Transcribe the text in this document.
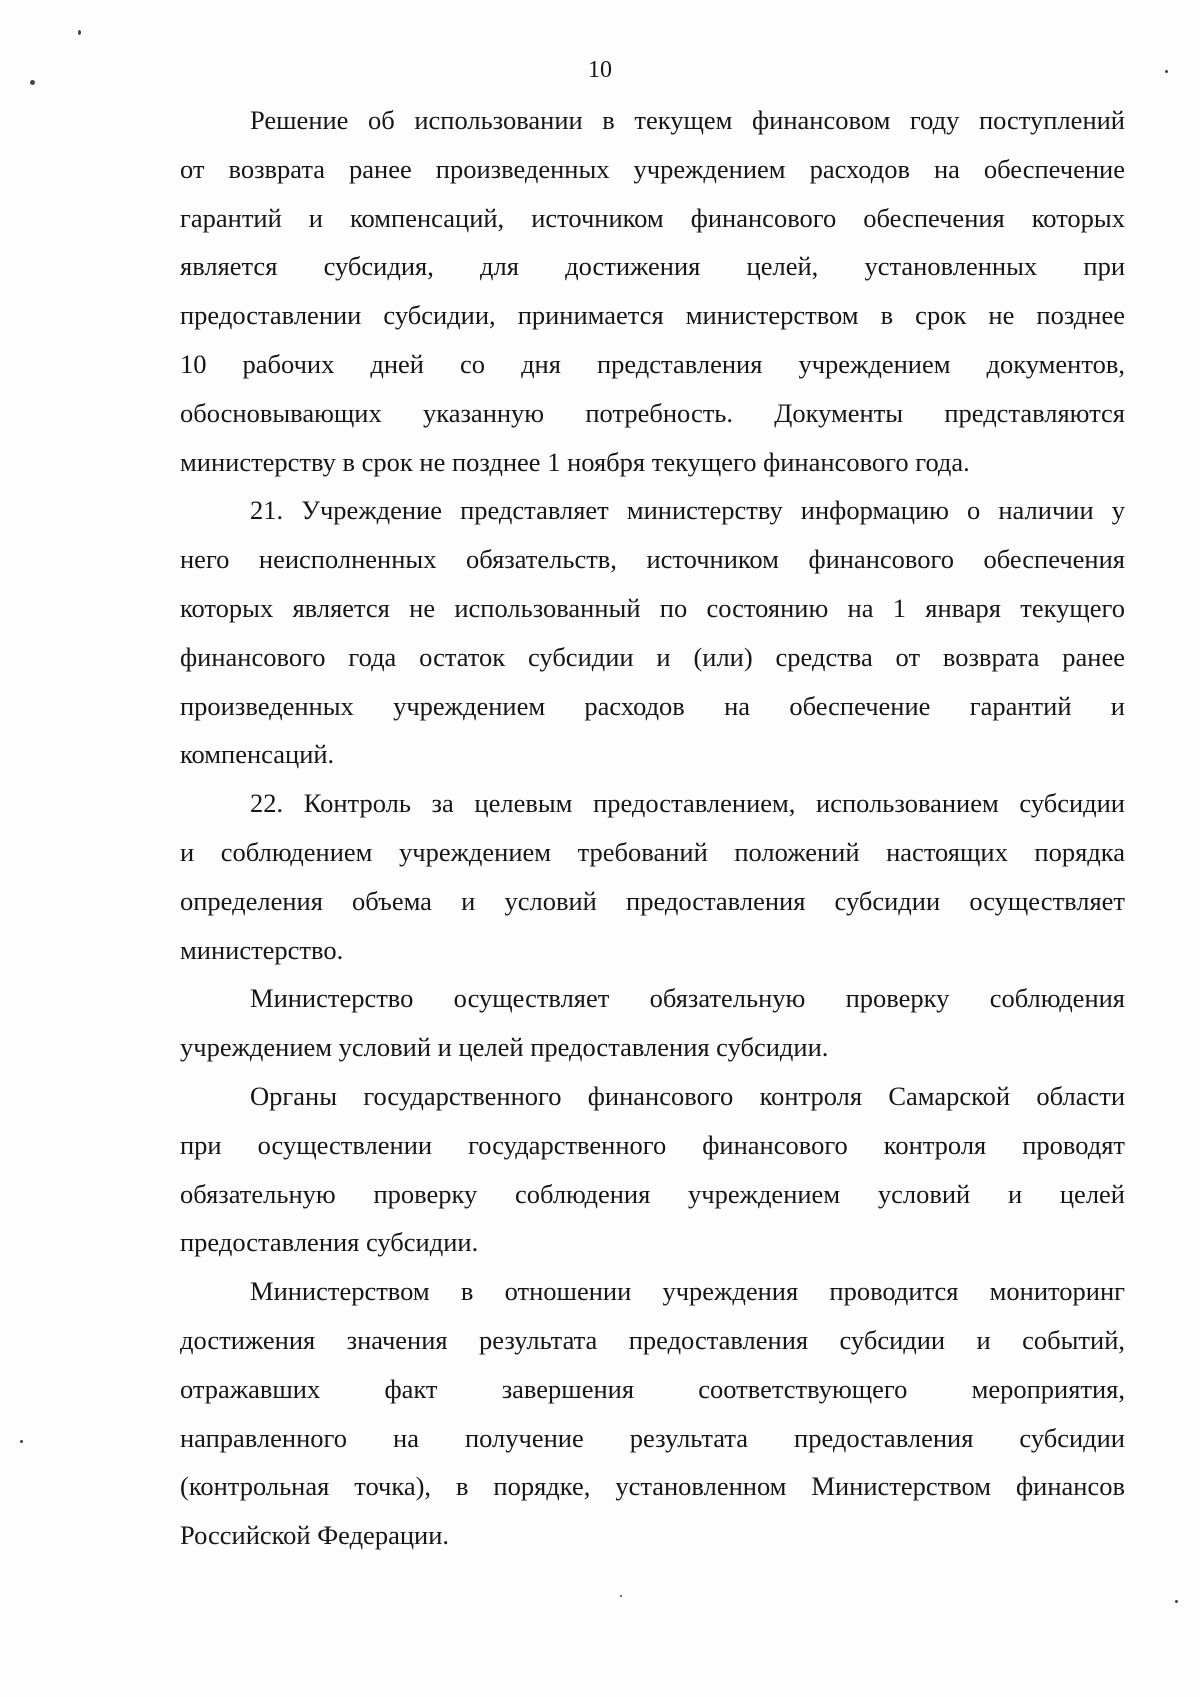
10
Решение об использовании в текущем финансовом году поступлений
от возврата ранее произведенных учреждением расходов на обеспечение
гарантий и компенсаций, источником финансового обеспечения которых
является субсидия, для достижения целей, установленных при
предоставлении субсидии, принимается министерством в срок не позднее
10 рабочих дней со дня представления учреждением документов,
обосновывающих указанную потребность. Документы представляются
министерству в срок не позднее 1 ноября текущего финансового года.
21. Учреждение представляет министерству информацию о наличии у
него неисполненных обязательств, источником финансового обеспечения
которых является не использованный по состоянию на 1 января текущего
финансового года остаток субсидии и (или) средства от возврата ранее
произведенных учреждением расходов на обеспечение гарантий и
компенсаций.
22. Контроль за целевым предоставлением, использованием субсидии
и соблюдением учреждением требований положений настоящих порядка
определения объема и условий предоставления субсидии осуществляет
министерство.
Министерство осуществляет обязательную проверку соблюдения
учреждением условий и целей предоставления субсидии.
Органы государственного финансового контроля Самарской области
при осуществлении государственного финансового контроля проводят
обязательную проверку соблюдения учреждением условий и целей
предоставления субсидии.
Министерством в отношении учреждения проводится мониторинг
достижения значения результата предоставления субсидии и событий,
отражавших факт завершения соответствующего мероприятия,
направленного на получение результата предоставления субсидии
(контрольная точка), в порядке, установленном Министерством финансов
Российской Федерации.
